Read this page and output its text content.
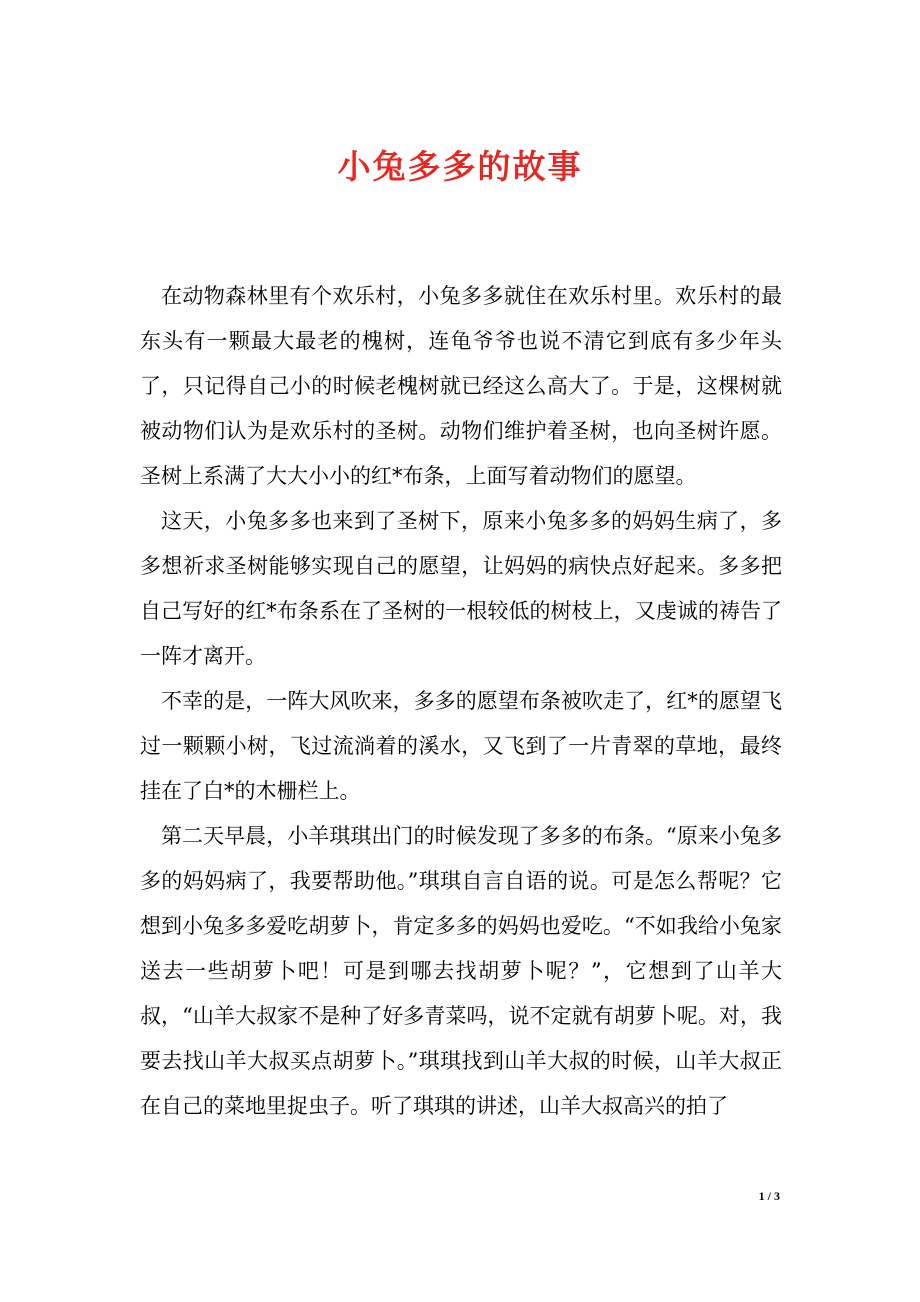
小兔多多的故事

在动物森林里有个欢乐村，小兔多多就住在欢乐村里。欢乐村的最东头有一颗最大最老的槐树，连龟爷爷也说不清它到底有多少年头了，只记得自己小的时候老槐树就已经这么高大了。于是，这棵树就被动物们认为是欢乐村的圣树。动物们维护着圣树，也向圣树许愿。圣树上系满了大大小小的红*布条，上面写着动物们的愿望。

这天，小兔多多也来到了圣树下，原来小兔多多的妈妈生病了，多多想祈求圣树能够实现自己的愿望，让妈妈的病快点好起来。多多把自己写好的红*布条系在了圣树的一根较低的树枝上，又虔诚的祷告了一阵才离开。

不幸的是，一阵大风吹来，多多的愿望布条被吹走了，红*的愿望飞过一颗颗小树，飞过流淌着的溪水，又飞到了一片青翠的草地，最终挂在了白*的木栅栏上。

第二天早晨，小羊琪琪出门的时候发现了多多的布条。“原来小兔多多的妈妈病了，我要帮助他。”琪琪自言自语的说。可是怎么帮呢？它想到小兔多多爱吃胡萝卜，肯定多多的妈妈也爱吃。“不如我给小兔家送去一些胡萝卜吧！可是到哪去找胡萝卜呢？”，它想到了山羊大叔，“山羊大叔家不是种了好多青菜吗，说不定就有胡萝卜呢。对，我要去找山羊大叔买点胡萝卜。”琪琪找到山羊大叔的时候，山羊大叔正在自己的菜地里捉虫子。听了琪琪的讲述，山羊大叔高兴的拍了

1 / 3
